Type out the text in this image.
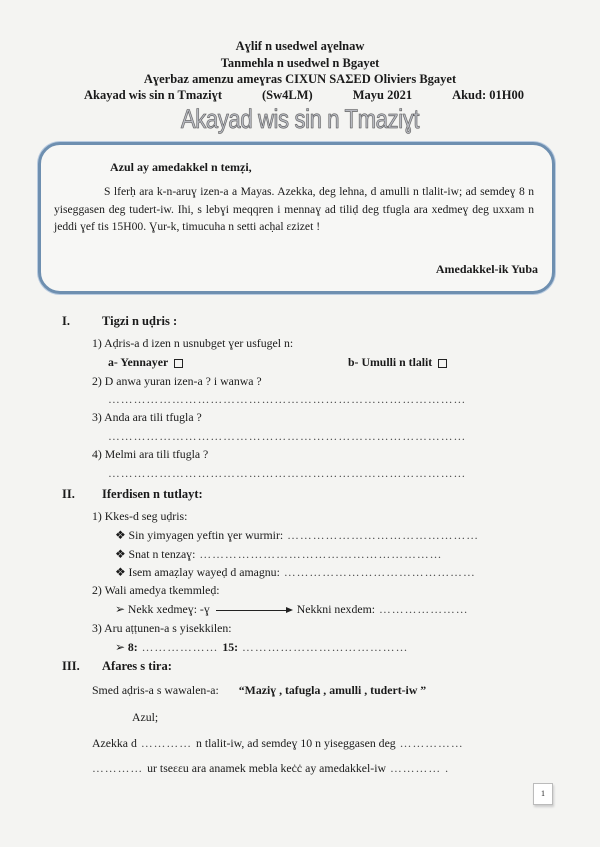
Aɣlif n usedwel aɣelnaw
Tanmehla n usedwel n Bgayet
Aɣerbaz amenzu ameɣras CIXUN SAΣED Oliviers Bgayet
Akayad wis sin n Tmaziɣt	(Sw4LM)	Mayu 2021	Akud: 01H00
Akayad wis sin n Tmaziɣt
Azul ay amedakkel n temẓi,
S lferḥ ara k-n-aruɣ izen-a a Mayas. Azekka, deg lehna, d amulli n tlalit-iw; ad semdeɣ 8 n yiseggasen deg tudert-iw. Ihi, s lebɣi meqqren i mennaɣ ad tiliḍ deg tfugla ara xedmeɣ deg uxxam n jeddi ɣef tis 15H00. Ɣur-k, timucuha n setti acḥal ɛzizet !
Amedakkel-ik Yuba
I.	Tigzi n uḍris :
1) Aḍris-a d izen n usnubget ɣer usfugel n:
a- Yennayer	b- Umulli n tlalit
2) D anwa yuran izen-a ? i wanwa ?
…………………………………………………………………………
3) Anda ara tili tfugla ?
…………………………………………………………………………
4) Melmi ara tili tfugla ?
…………………………………………………………………………
II. Iferdisen n tutlayt:
1) Kkes-d seg uḍris:
❖ Sin yimyagen yeftin ɣer wurmir: ………………………………………
❖ Snat n tenzaɣ: …………………………………………………
❖ Isem amaẓlay wayeḍ d amagnu: ………………………………………
2) Wali amedya tkemmleḍ:
➢ Nekk xedmeɣ: -ɣ	Nekkni nexdem: …………………
3) Aru aṭṭunen-a s yisekkilen:
➢ 8: ……………… 15: …………………………………
III. Afares s tira:
Smed aḍris-a s wawalen-a: “Maziɣ , tafugla , amulli , tudert-iw ”
Azul;
Azekka d ………… n tlalit-iw, ad semdeɣ 10 n yiseggasen deg ……………
………… ur tseɛɛu ara anamek mebla keċċ ay amedakkel-iw ………… .
1
